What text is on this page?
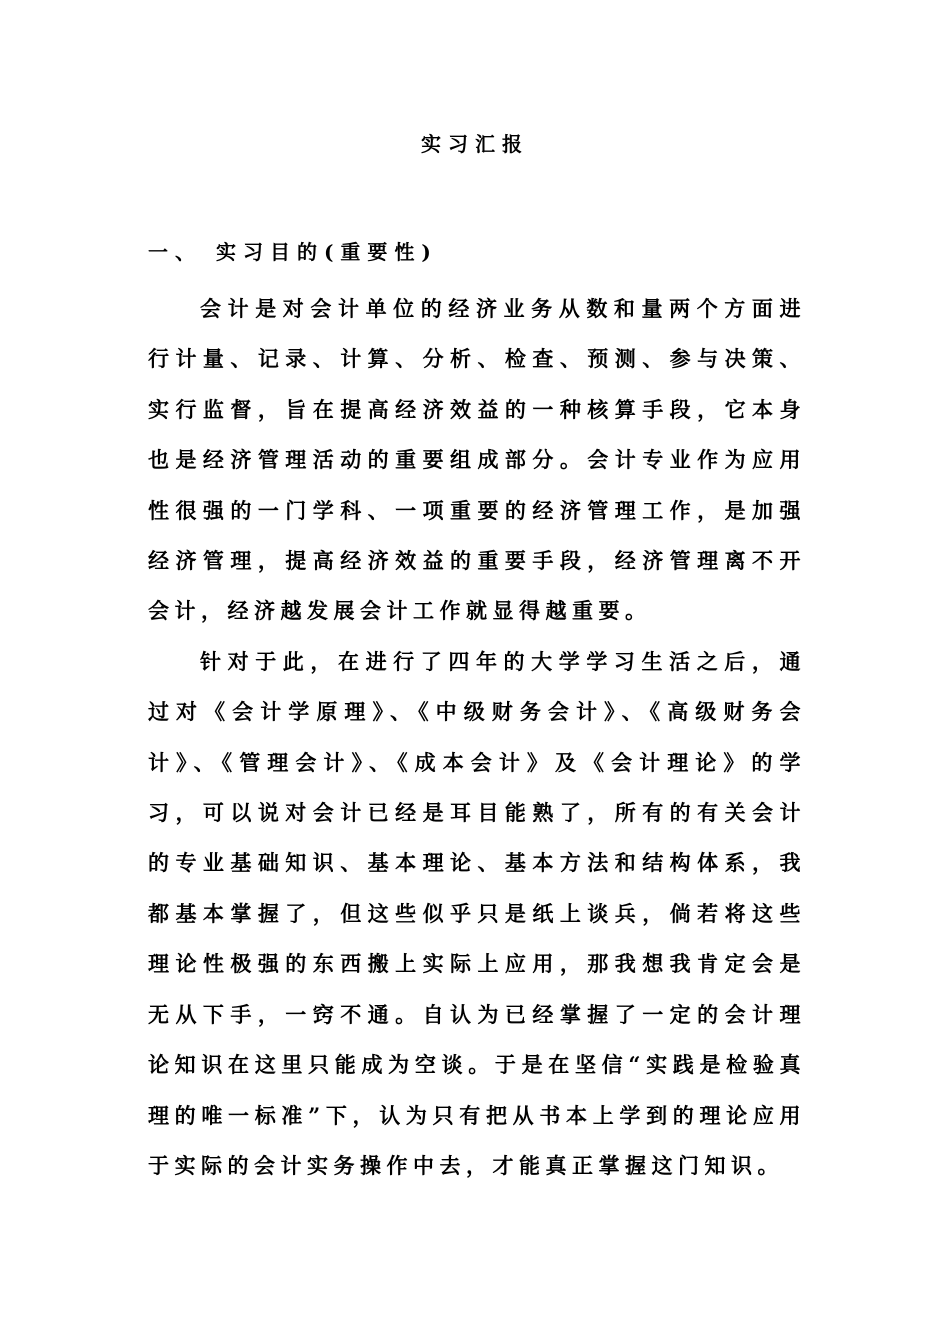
实习汇报
一、 实习目的(重要性)

会计是对会计单位的经济业务从数和量两个方面进行计量、记录、计算、分析、检查、预测、参与决策、实行监督，旨在提高经济效益的一种核算手段，它本身也是经济管理活动的重要组成部分。会计专业作为应用性很强的一门学科、一项重要的经济管理工作，是加强经济管理，提高经济效益的重要手段，经济管理离不开会计，经济越发展会计工作就显得越重要。

针对于此，在进行了四年的大学学习生活之后，通过对《会计学原理》、《中级财务会计》、《高级财务会计》、《管理会计》、《成本会计》及《会计理论》的学习，可以说对会计已经是耳目能熟了，所有的有关会计的专业基础知识、基本理论、基本方法和结构体系，我都基本掌握了，但这些似乎只是纸上谈兵，倘若将这些理论性极强的东西搬上实际上应用，那我想我肯定会是无从下手，一窍不通。自认为已经掌握了一定的会计理论知识在这里只能成为空谈。于是在坚信“实践是检验真理的唯一标准”下，认为只有把从书本上学到的理论应用于实际的会计实务操作中去，才能真正掌握这门知识。
